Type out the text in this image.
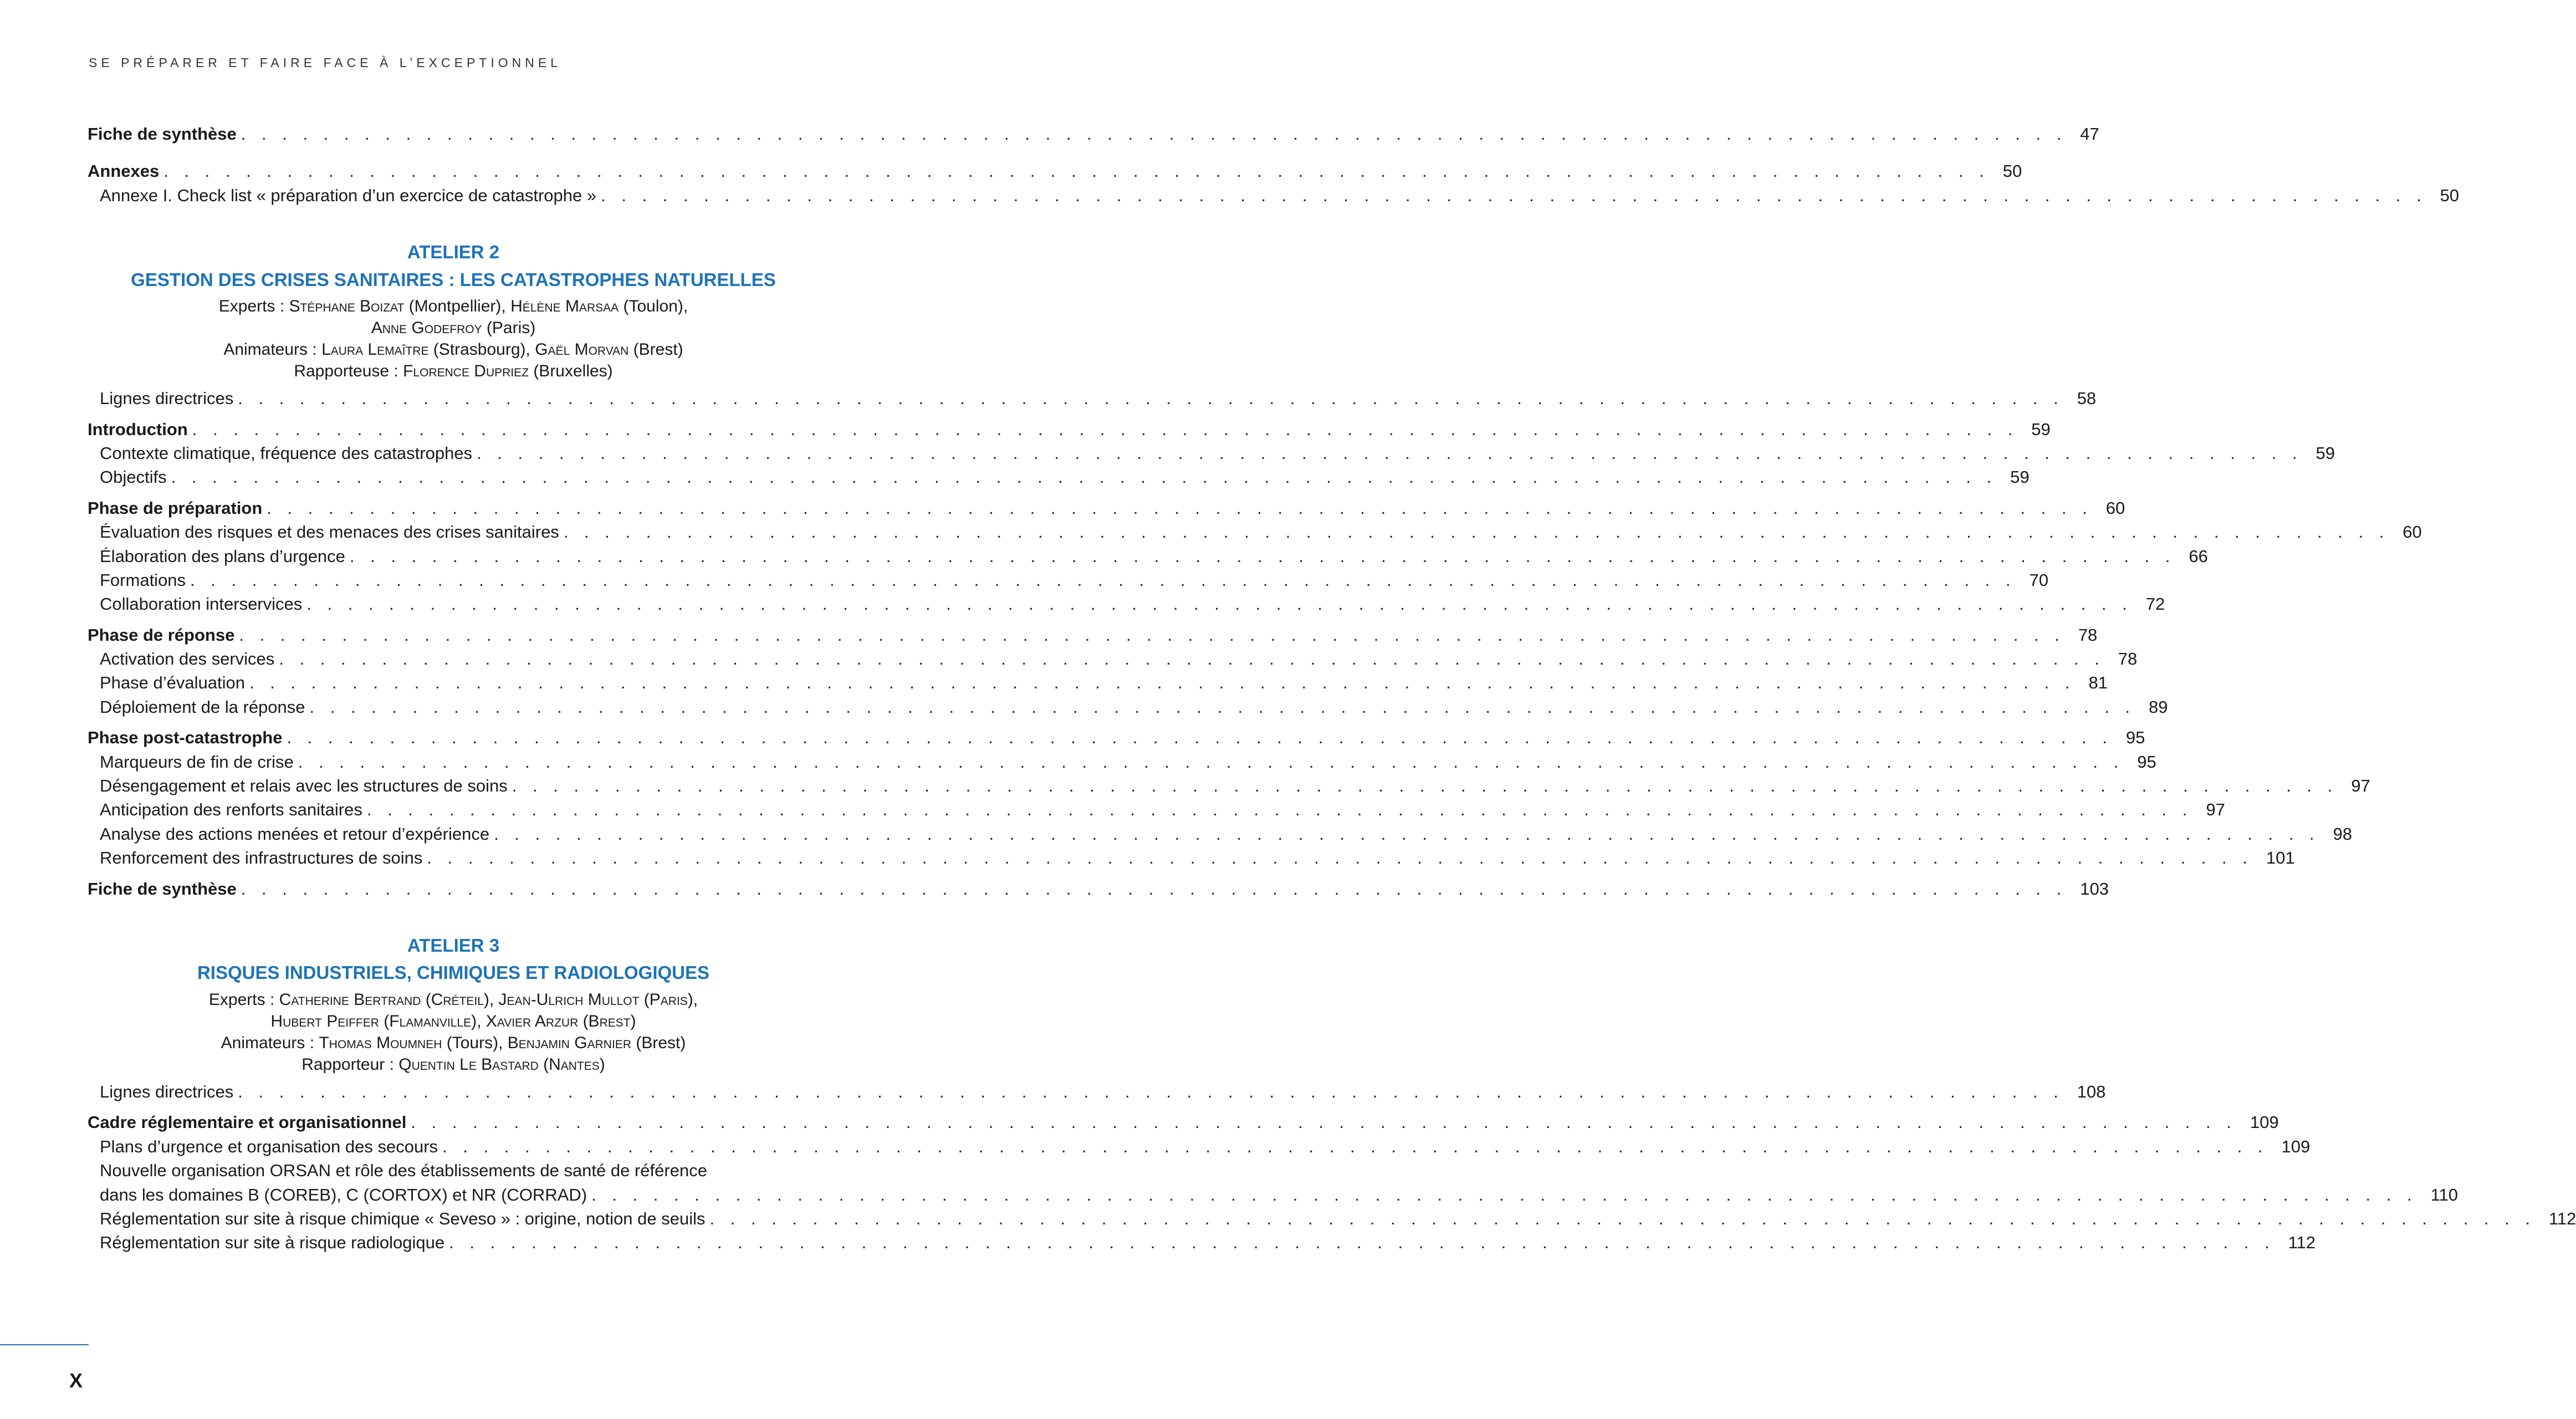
SE PRÉPARER ET FAIRE FACE À L’EXCEPTIONNEL
Fiche de synthèse . . . . . . . . . . . . . . . . . . . . . . . . . . . . . . . . . . . . . . . . . . . . . . . . . . . . . . . . . . . . . . . . . . . . . . . . . . . . . . . . . . . . . . . . . 47
Annexes . . . . . . . . . . . . . . . . . . . . . . . . . . . . . . . . . . . . . . . . . . . . . . . . . . . . . . . . . . . . . . . . . . . . . . . . . . . . . . . . . . . . . . . . . 50
Annexe I. Check list « préparation d’un exercice de catastrophe » . . . . . . . . . . . . . . . . . . . . . . . . . . . . . . . . . . . . . . . . . . . . . . . . . . . . . . . . . . . . . . . . . . . . . . . . . . . . . . . . . . . . . . . . . 50
ATELIER 2
GESTION DES CRISES SANITAIRES : LES CATASTROPHES NATURELLES
Experts : Stéphane Boizat (Montpellier), Hélène Marsaa (Toulon),
Anne Godefroy (Paris)
Animateurs : Laura Lemaître (Strasbourg), Gaël Morvan (Brest)
Rapporteuse : Florence Dupriez (Bruxelles)
Lignes directrices . . . . . . . . . . . . . . . . . . . . . . . . . . . . . . . . . . . . . . . . . . . . . . . . . . . . . . . . . . . . . . . . . . . . . . . . . . . . . . . . . . . . . . . . . 58
Introduction . . . . . . . . . . . . . . . . . . . . . . . . . . . . . . . . . . . . . . . . . . . . . . . . . . . . . . . . . . . . . . . . . . . . . . . . . . . . . . . . . . . . . . . . . 59
Contexte climatique, fréquence des catastrophes . . . . . . . . . . . . . . . . . . . . . . . . . . . . . . . . . . . . . . . . . . . . . . . . . . . . . . . . . . . . . . . . . . . . . . . . . . . . . . . . . . . . . . . . . 59
Objectifs . . . . . . . . . . . . . . . . . . . . . . . . . . . . . . . . . . . . . . . . . . . . . . . . . . . . . . . . . . . . . . . . . . . . . . . . . . . . . . . . . . . . . . . . . 59
Phase de préparation . . . . . . . . . . . . . . . . . . . . . . . . . . . . . . . . . . . . . . . . . . . . . . . . . . . . . . . . . . . . . . . . . . . . . . . . . . . . . . . . . . . . . . . . . 60
Évaluation des risques et des menaces des crises sanitaires . . . . . . . . . . . . . . . . . . . . . . . . . . . . . . . . . . . . . . . . . . . . . . . . . . . . . . . . . . . . . . . . . . . . . . . . . . . . . . . . . . . . . . . . . 60
Élaboration des plans d’urgence . . . . . . . . . . . . . . . . . . . . . . . . . . . . . . . . . . . . . . . . . . . . . . . . . . . . . . . . . . . . . . . . . . . . . . . . . . . . . . . . . . . . . . . . . 66
Formations . . . . . . . . . . . . . . . . . . . . . . . . . . . . . . . . . . . . . . . . . . . . . . . . . . . . . . . . . . . . . . . . . . . . . . . . . . . . . . . . . . . . . . . . . 70
Collaboration interservices . . . . . . . . . . . . . . . . . . . . . . . . . . . . . . . . . . . . . . . . . . . . . . . . . . . . . . . . . . . . . . . . . . . . . . . . . . . . . . . . . . . . . . . . . 72
Phase de réponse . . . . . . . . . . . . . . . . . . . . . . . . . . . . . . . . . . . . . . . . . . . . . . . . . . . . . . . . . . . . . . . . . . . . . . . . . . . . . . . . . . . . . . . . . 78
Activation des services . . . . . . . . . . . . . . . . . . . . . . . . . . . . . . . . . . . . . . . . . . . . . . . . . . . . . . . . . . . . . . . . . . . . . . . . . . . . . . . . . . . . . . . . . 78
Phase d’évaluation . . . . . . . . . . . . . . . . . . . . . . . . . . . . . . . . . . . . . . . . . . . . . . . . . . . . . . . . . . . . . . . . . . . . . . . . . . . . . . . . . . . . . . . . . 81
Déploiement de la réponse . . . . . . . . . . . . . . . . . . . . . . . . . . . . . . . . . . . . . . . . . . . . . . . . . . . . . . . . . . . . . . . . . . . . . . . . . . . . . . . . . . . . . . . . . 89
Phase post-catastrophe . . . . . . . . . . . . . . . . . . . . . . . . . . . . . . . . . . . . . . . . . . . . . . . . . . . . . . . . . . . . . . . . . . . . . . . . . . . . . . . . . . . . . . . . . 95
Marqueurs de fin de crise . . . . . . . . . . . . . . . . . . . . . . . . . . . . . . . . . . . . . . . . . . . . . . . . . . . . . . . . . . . . . . . . . . . . . . . . . . . . . . . . . . . . . . . . . 95
Désengagement et relais avec les structures de soins . . . . . . . . . . . . . . . . . . . . . . . . . . . . . . . . . . . . . . . . . . . . . . . . . . . . . . . . . . . . . . . . . . . . . . . . . . . . . . . . . . . . . . . . . 97
Anticipation des renforts sanitaires . . . . . . . . . . . . . . . . . . . . . . . . . . . . . . . . . . . . . . . . . . . . . . . . . . . . . . . . . . . . . . . . . . . . . . . . . . . . . . . . . . . . . . . . . 97
Analyse des actions menées et retour d’expérience . . . . . . . . . . . . . . . . . . . . . . . . . . . . . . . . . . . . . . . . . . . . . . . . . . . . . . . . . . . . . . . . . . . . . . . . . . . . . . . . . . . . . . . . . 98
Renforcement des infrastructures de soins . . . . . . . . . . . . . . . . . . . . . . . . . . . . . . . . . . . . . . . . . . . . . . . . . . . . . . . . . . . . . . . . . . . . . . . . . . . . . . . . . . . . . . . . . 101
Fiche de synthèse . . . . . . . . . . . . . . . . . . . . . . . . . . . . . . . . . . . . . . . . . . . . . . . . . . . . . . . . . . . . . . . . . . . . . . . . . . . . . . . . . . . . . . . . . 103
ATELIER 3
RISQUES INDUSTRIELS, CHIMIQUES ET RADIOLOGIQUES
Experts : Catherine Bertrand (Créteil), Jean-Ulrich Mullot (Paris),
Hubert Peiffer (Flamanville), Xavier Arzur (Brest)
Animateurs : Thomas Moumneh (Tours), Benjamin Garnier (Brest)
Rapporteur : Quentin Le Bastard (Nantes)
Lignes directrices . . . . . . . . . . . . . . . . . . . . . . . . . . . . . . . . . . . . . . . . . . . . . . . . . . . . . . . . . . . . . . . . . . . . . . . . . . . . . . . . . . . . . . . . . 108
Cadre réglementaire et organisationnel . . . . . . . . . . . . . . . . . . . . . . . . . . . . . . . . . . . . . . . . . . . . . . . . . . . . . . . . . . . . . . . . . . . . . . . . . . . . . . . . . . . . . . . . . 109
Plans d’urgence et organisation des secours . . . . . . . . . . . . . . . . . . . . . . . . . . . . . . . . . . . . . . . . . . . . . . . . . . . . . . . . . . . . . . . . . . . . . . . . . . . . . . . . . . . . . . . . . 109
Nouvelle organisation ORSAN et rôle des établissements de santé de référence
dans les domaines B (COREB), C (CORTOX) et NR (CORRAD) . . . . . . . . . . . . . . . . . . . . . . . . . . . . . . . . . . . . . . . . . . . . . . . . . . . . . . . . . . . . . . . . . . . . . . . . . . . . . . . . . . . . . . . . . 110
Réglementation sur site à risque chimique « Seveso » : origine, notion de seuils . . . . . . . . . . . . . . . . . . . . . . . . . . . . . . . . . . . . . . . . . . . . . . . . . . . . . . . . . . . . . . . . . . . . . . . . . . . . . . . . . . . . . . . . . 112
Réglementation sur site à risque radiologique . . . . . . . . . . . . . . . . . . . . . . . . . . . . . . . . . . . . . . . . . . . . . . . . . . . . . . . . . . . . . . . . . . . . . . . . . . . . . . . . . . . . . . . . . 112
X
